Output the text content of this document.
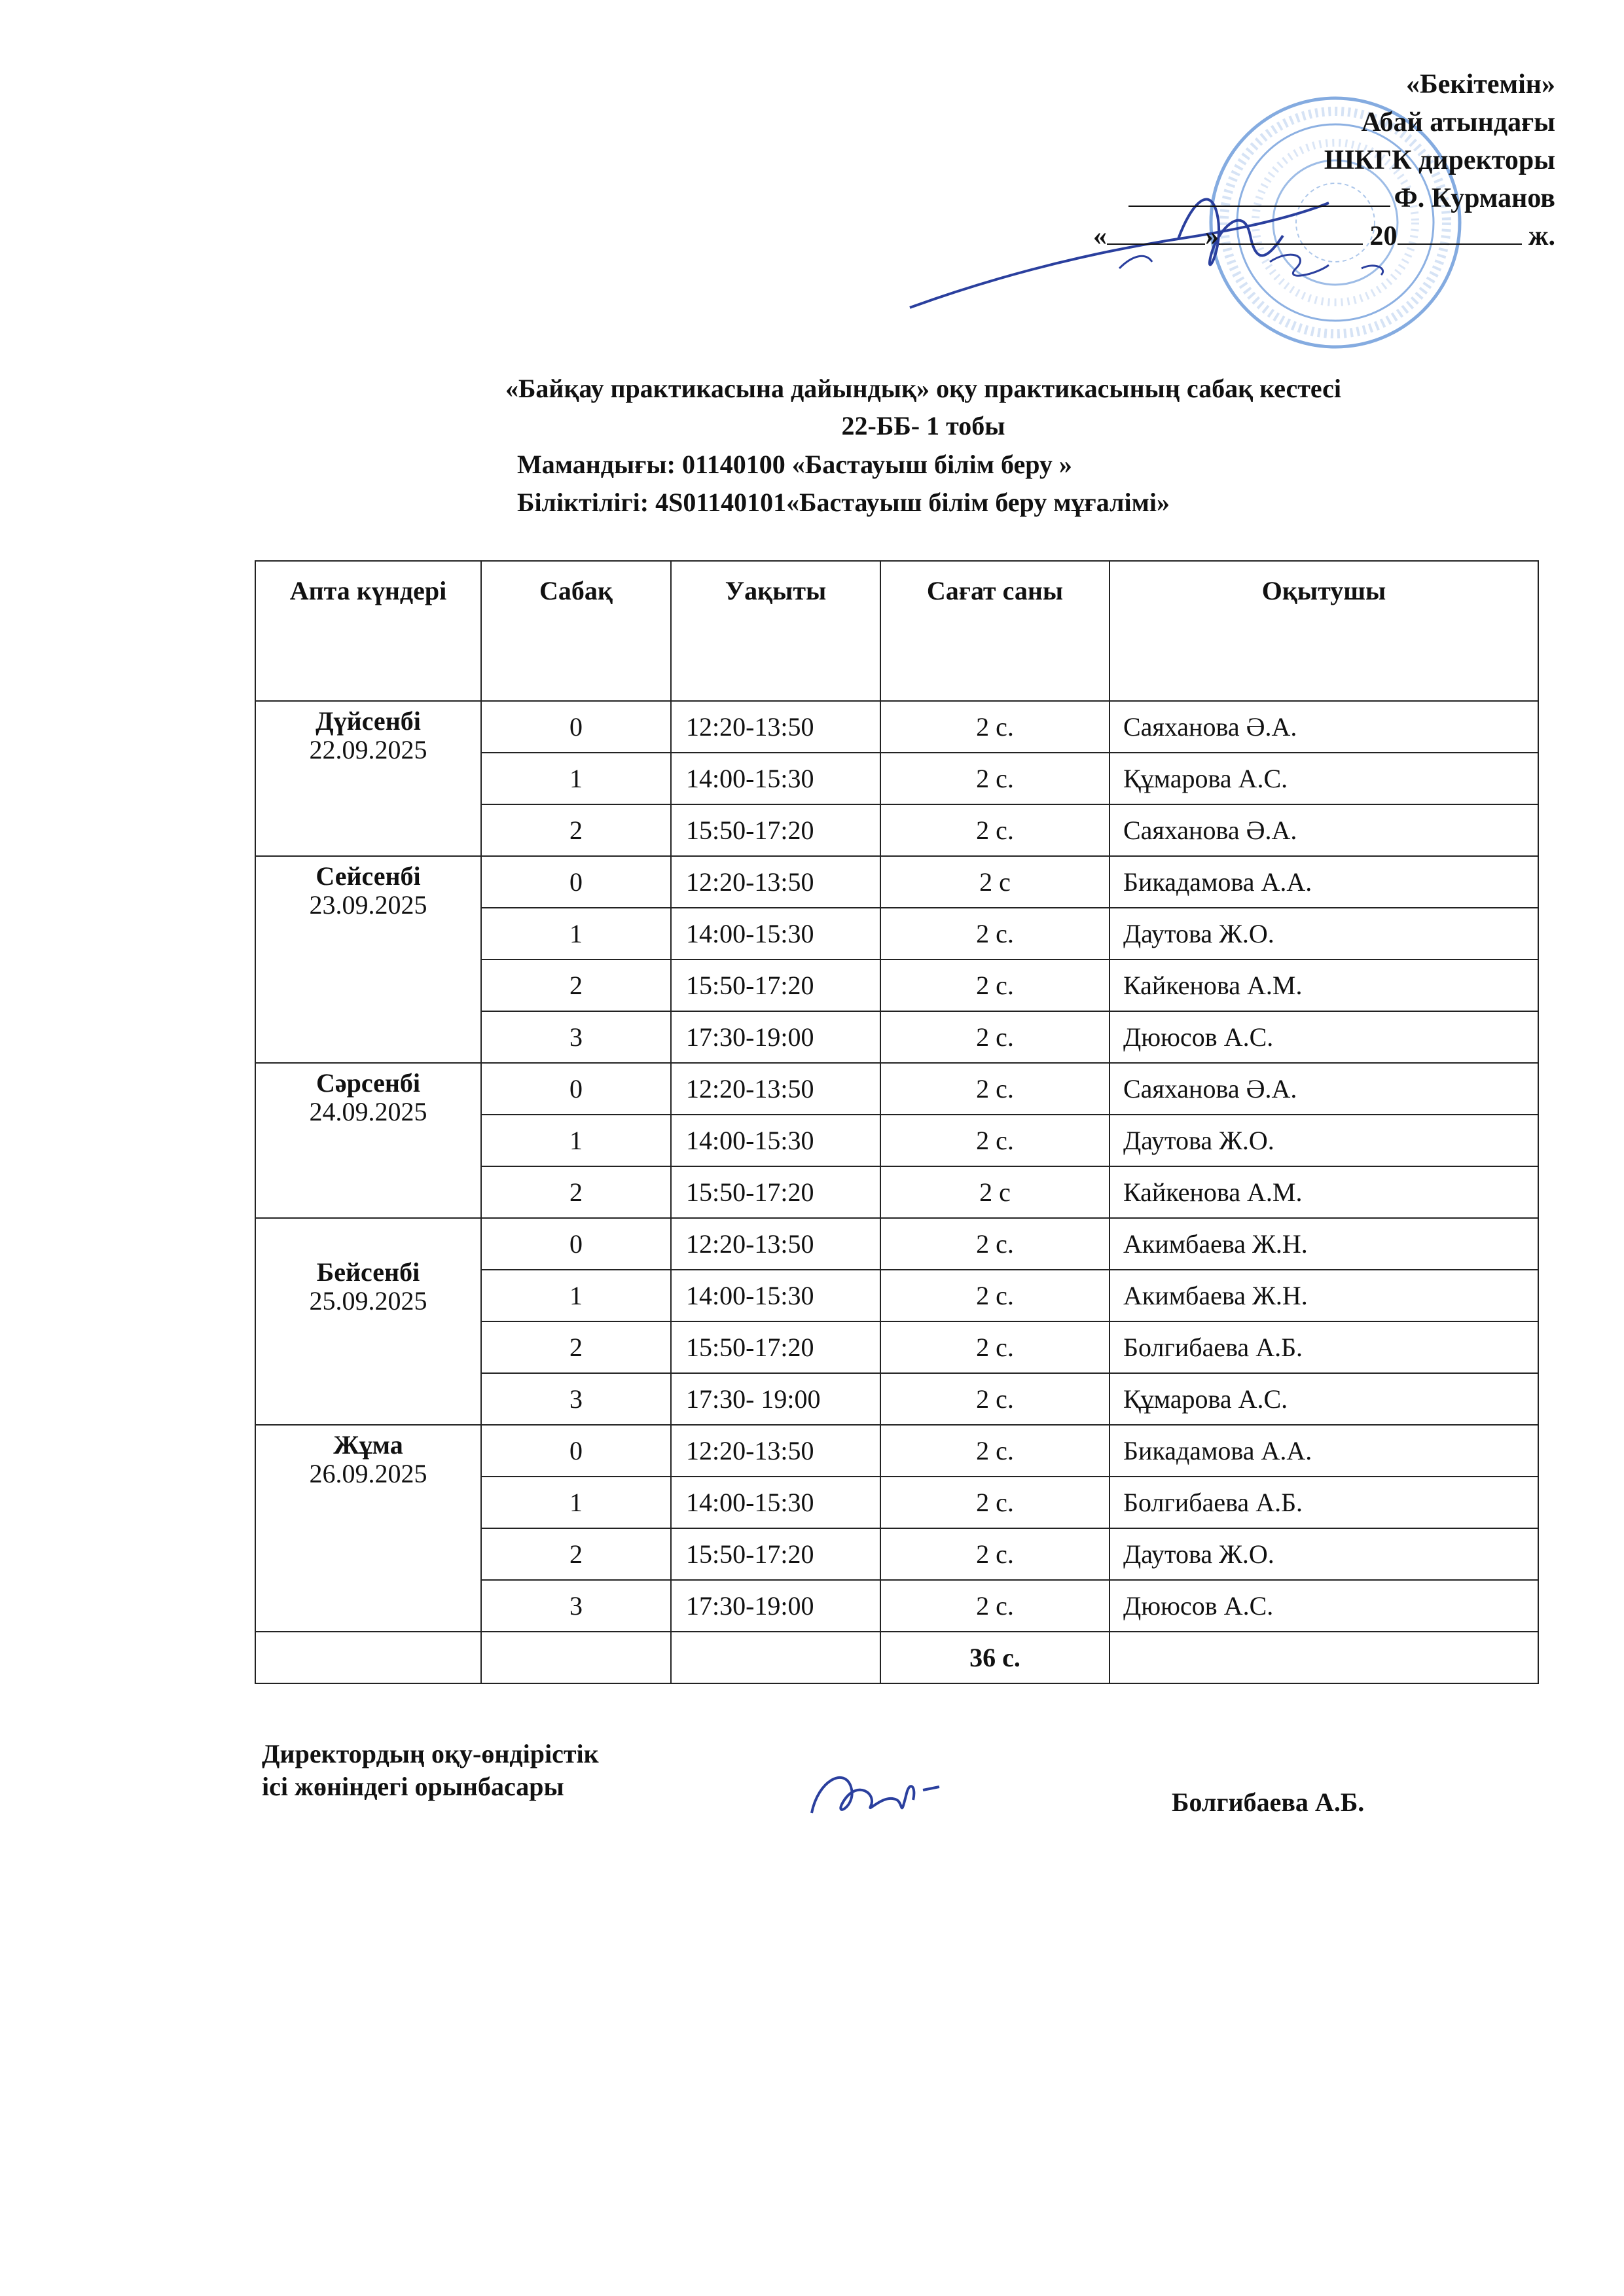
«Бекітемін»
Абай атындағы
ШКГК директоры
Ф. Курманов
«	»	20	ж.
«Байқау практикасына дайындық» оқу практикасының сабақ кестесі
22-ББ- 1 тобы
Мамандығы: 01140100 «Бастауыш білім беру »
Біліктілігі: 4S01140101«Бастауыш білім беру мұғалімі»
Апта күндері	Сабақ	Уақыты	Сағат саны	Оқытушы

Дүйсенбі
22.09.2025	0	12:20-13:50	2 с.	Саяханова Ә.А.
	1	14:00-15:30	2 с.	Құмарова А.С.
	2	15:50-17:20	2 с.	Саяханова Ә.А.

Сейсенбі
23.09.2025	0	12:20-13:50	2 с	Бикадамова А.А.
	1	14:00-15:30	2 с.	Даутова Ж.О.
	2	15:50-17:20	2 с.	Кайкенова А.М.
	3	17:30-19:00	2 с.	Дююсов А.С.

Сәрсенбі
24.09.2025	0	12:20-13:50	2 с.	Саяханова Ә.А.
	1	14:00-15:30	2 с.	Даутова Ж.О.
	2	15:50-17:20	2 с	Кайкенова А.М.

Бейсенбі
25.09.2025	0	12:20-13:50	2 с.	Акимбаева Ж.Н.
	1	14:00-15:30	2 с.	Акимбаева Ж.Н.
	2	15:50-17:20	2 с.	Болгибаева А.Б.
	3	17:30- 19:00	2 с.	Құмарова А.С.

Жұма
26.09.2025	0	12:20-13:50	2 с.	Бикадамова А.А.
	1	14:00-15:30	2 с.	Болгибаева А.Б.
	2	15:50-17:20	2 с.	Даутова Ж.О.
	3	17:30-19:00	2 с.	Дююсов А.С.
			36 с.	
Директордың оқу-өндірістік
ісі жөніндегі орынбасары
Болгибаева А.Б.
